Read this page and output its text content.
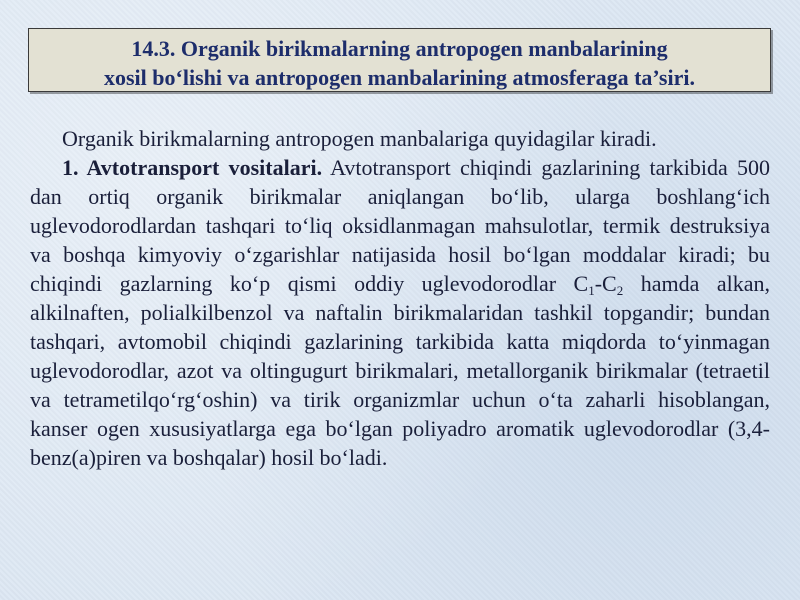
14.3. Organik birikmalarning antropogen manbalarining
xosil bo‘lishi va antropogen manbalarining atmosferaga ta’siri.

Organik birikmalarning antropogen manbalariga quyidagilar kiradi.

1. Avtotransport vositalari. Avtotransport chiqindi gazlarining tarkibida 500 dan ortiq organik birikmalar aniqlangan bo‘lib, ularga boshlang‘ich uglevodorodlardan tashqari to‘liq oksidlanmagan mahsulotlar, termik destruksiya va boshqa kimyoviy o‘zgarishlar natijasida hosil bo‘lgan moddalar kiradi; bu chiqindi gazlarning ko‘p qismi oddiy uglevodorodlar $C_1-C_2$ hamda alkan, alkilnaften, polialkilbenzol va naftalin birikmalaridan tashkil topgandir; bundan tashqari, avtomobil chiqindi gazlarining tarkibida katta miqdorda to‘yinmagan uglevodorodlar, azot va oltingugurt birikmalari, metallorganik birikmalar (tetraetil va tetrametilqo‘rg‘oshin) va tirik organizmlar uchun o‘ta zaharli hisoblangan, kanser ogen xususiyatlarga ega bo‘lgan poliyadro aromatik uglevodorodlar (3,4-benz(a)piren va boshqalar) hosil bo‘ladi.
